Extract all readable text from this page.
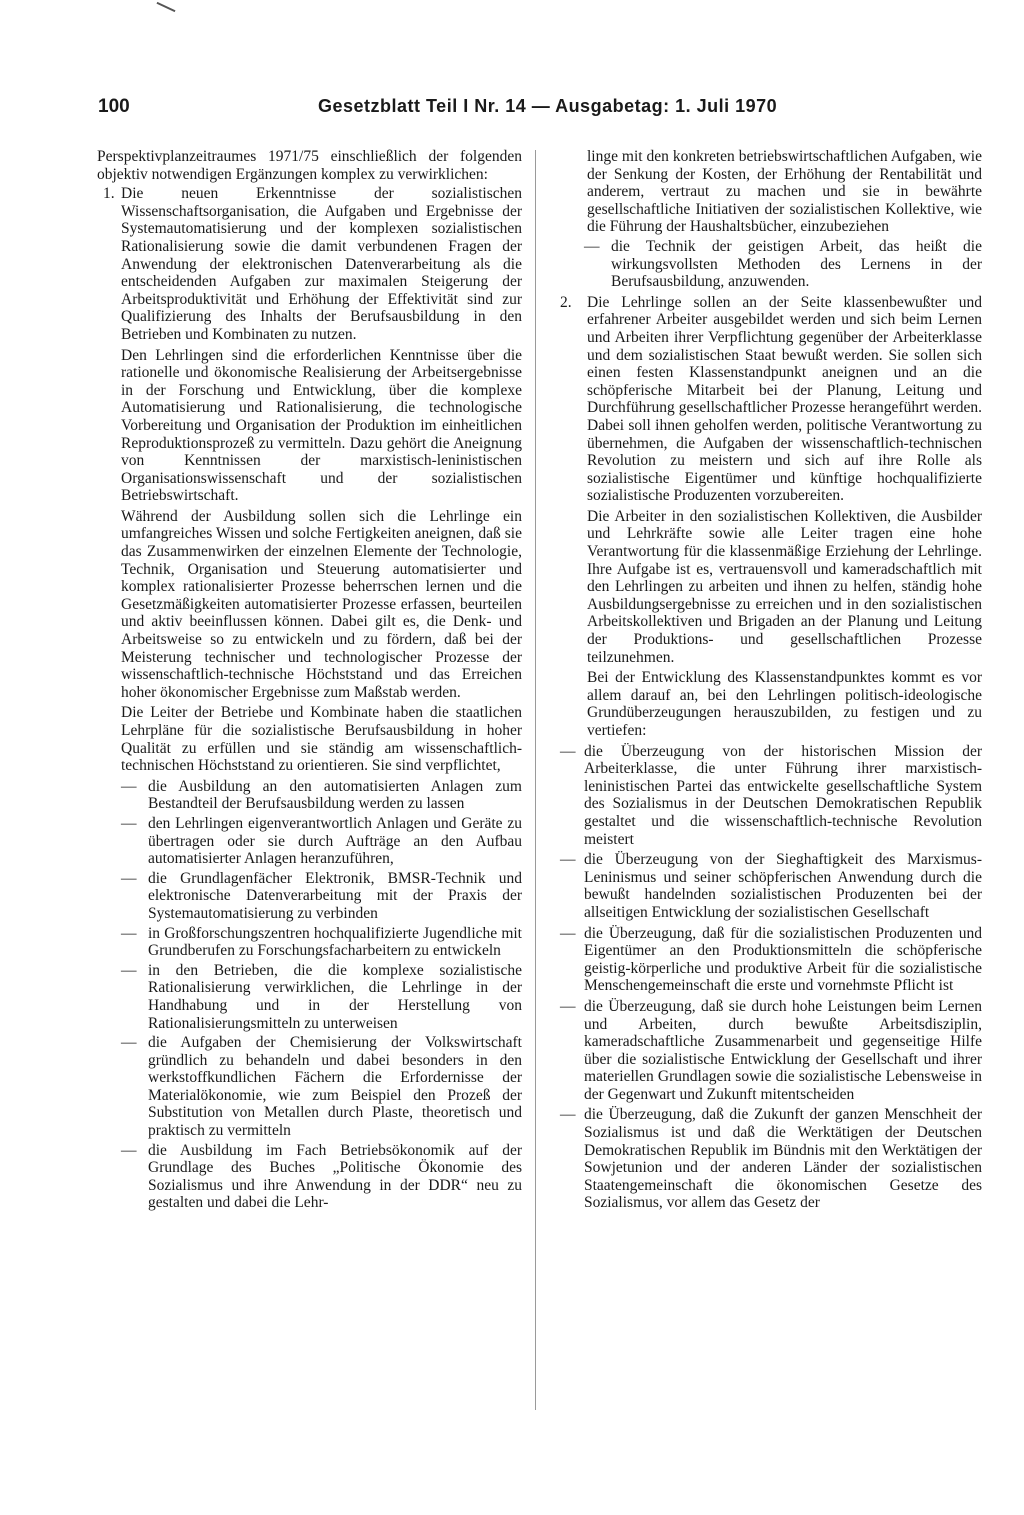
100	Gesetzblatt Teil I Nr. 14 — Ausgabetag: 1. Juli 1970

Perspektivplanzeitraumes 1971/75 einschließlich der folgenden objektiv notwendigen Ergänzungen komplex zu verwirklichen:

1. Die neuen Erkenntnisse der sozialistischen Wissenschaftsorganisation, die Aufgaben und Ergebnisse der Systemautomatisierung und der komplexen sozialistischen Rationalisierung sowie die damit verbundenen Fragen der Anwendung der elektronischen Datenverarbeitung als die entscheidenden Aufgaben zur maximalen Steigerung der Arbeitsproduktivität und Erhöhung der Effektivität sind zur Qualifizierung des Inhalts der Berufsausbildung in den Betrieben und Kombinaten zu nutzen.

Den Lehrlingen sind die erforderlichen Kenntnisse über die rationelle und ökonomische Realisierung der Arbeitsergebnisse in der Forschung und Entwicklung, über die komplexe Automatisierung und Rationalisierung, die technologische Vorbereitung und Organisation der Produktion im einheitlichen Reproduktionsprozeß zu vermitteln. Dazu gehört die Aneignung von Kenntnissen der marxistisch-leninistischen Organisationswissenschaft und der sozialistischen Betriebswirtschaft.

Während der Ausbildung sollen sich die Lehrlinge ein umfangreiches Wissen und solche Fertigkeiten aneignen, daß sie das Zusammenwirken der einzelnen Elemente der Technologie, Technik, Organisation und Steuerung automatisierter und komplex rationalisierter Prozesse beherrschen lernen und die Gesetzmäßigkeiten automatisierter Prozesse erfassen, beurteilen und aktiv beeinflussen können. Dabei gilt es, die Denk- und Arbeitsweise so zu entwickeln und zu fördern, daß bei der Meisterung technischer und technologischer Prozesse der wissenschaftlich-technische Höchststand und das Erreichen hoher ökonomischer Ergebnisse zum Maßstab werden.

Die Leiter der Betriebe und Kombinate haben die staatlichen Lehrpläne für die sozialistische Berufsausbildung in hoher Qualität zu erfüllen und sie ständig am wissenschaftlich-technischen Höchststand zu orientieren. Sie sind verpflichtet,

— die Ausbildung an den automatisierten Anlagen zum Bestandteil der Berufsausbildung werden zu lassen
— den Lehrlingen eigenverantwortlich Anlagen und Geräte zu übertragen oder sie durch Aufträge an den Aufbau automatisierter Anlagen heranzuführen,
— die Grundlagenfächer Elektronik, BMSR-Technik und elektronische Datenverarbeitung mit der Praxis der Systemautomatisierung zu verbinden
— in Großforschungszentren hochqualifizierte Jugendliche mit Grundberufen zu Forschungsfacharbeitern zu entwickeln
— in den Betrieben, die die komplexe sozialistische Rationalisierung verwirklichen, die Lehrlinge in der Handhabung und in der Herstellung von Rationalisierungsmitteln zu unterweisen
— die Aufgaben der Chemisierung der Volkswirtschaft gründlich zu behandeln und dabei besonders in den werkstoffkundlichen Fächern die Erfordernisse der Materialökonomie, wie zum Beispiel den Prozeß der Substitution von Metallen durch Plaste, theoretisch und praktisch zu vermitteln
— die Ausbildung im Fach Betriebsökonomik auf der Grundlage des Buches „Politische Ökonomie des Sozialismus und ihre Anwendung in der DDR“ neu zu gestalten und dabei die Lehr-

linge mit den konkreten betriebswirtschaftlichen Aufgaben, wie der Senkung der Kosten, der Erhöhung der Rentabilität und anderem, vertraut zu machen und sie in bewährte gesellschaftliche Initiativen der sozialistischen Kollektive, wie die Führung der Haushaltsbücher, einzubeziehen

— die Technik der geistigen Arbeit, das heißt die wirkungsvollsten Methoden des Lernens in der Berufsausbildung, anzuwenden.
2. Die Lehrlinge sollen an der Seite klassenbewußter und erfahrener Arbeiter ausgebildet werden und sich beim Lernen und Arbeiten ihrer Verpflichtung gegenüber der Arbeiterklasse und dem sozialistischen Staat bewußt werden. Sie sollen sich einen festen Klassenstandpunkt aneignen und an die schöpferische Mitarbeit bei der Planung, Leitung und Durchführung gesellschaftlicher Prozesse herangeführt werden. Dabei soll ihnen geholfen werden, politische Verantwortung zu übernehmen, die Aufgaben der wissenschaftlich-technischen Revolution zu meistern und sich auf ihre Rolle als sozialistische Eigentümer und künftige hochqualifizierte sozialistische Produzenten vorzubereiten.

Die Arbeiter in den sozialistischen Kollektiven, die Ausbilder und Lehrkräfte sowie alle Leiter tragen eine hohe Verantwortung für die klassenmäßige Erziehung der Lehrlinge. Ihre Aufgabe ist es, vertrauensvoll und kameradschaftlich mit den Lehrlingen zu arbeiten und ihnen zu helfen, ständig hohe Ausbildungsergebnisse zu erreichen und in den sozialistischen Arbeitskollektiven und Brigaden an der Planung und Leitung der Produktions- und gesellschaftlichen Prozesse teilzunehmen.

Bei der Entwicklung des Klassenstandpunktes kommt es vor allem darauf an, bei den Lehrlingen politisch-ideologische Grundüberzeugungen herauszubilden, zu festigen und zu vertiefen:

— die Überzeugung von der historischen Mission der Arbeiterklasse, die unter Führung ihrer marxistisch-leninistischen Partei das entwickelte gesellschaftliche System des Sozialismus in der Deutschen Demokratischen Republik gestaltet und die wissenschaftlich-technische Revolution meistert
— die Überzeugung von der Sieghaftigkeit des Marxismus-Leninismus und seiner schöpferischen Anwendung durch die bewußt handelnden sozialistischen Produzenten bei der allseitigen Entwicklung der sozialistischen Gesellschaft
— die Überzeugung, daß für die sozialistischen Produzenten und Eigentümer an den Produktionsmitteln die schöpferische geistig-körperliche und produktive Arbeit für die sozialistische Menschengemeinschaft die erste und vornehmste Pflicht ist
— die Überzeugung, daß sie durch hohe Leistungen beim Lernen und Arbeiten, durch bewußte Arbeitsdisziplin, kameradschaftliche Zusammenarbeit und gegenseitige Hilfe über die sozialistische Entwicklung der Gesellschaft und ihrer materiellen Grundlagen sowie die sozialistische Lebensweise in der Gegenwart und Zukunft mitentscheiden
— die Überzeugung, daß die Zukunft der ganzen Menschheit der Sozialismus ist und daß die Werktätigen der Deutschen Demokratischen Republik im Bündnis mit den Werktätigen der Sowjetunion und der anderen Länder der sozialistischen Staatengemeinschaft die ökonomischen Gesetze des Sozialismus, vor allem das Gesetz der
